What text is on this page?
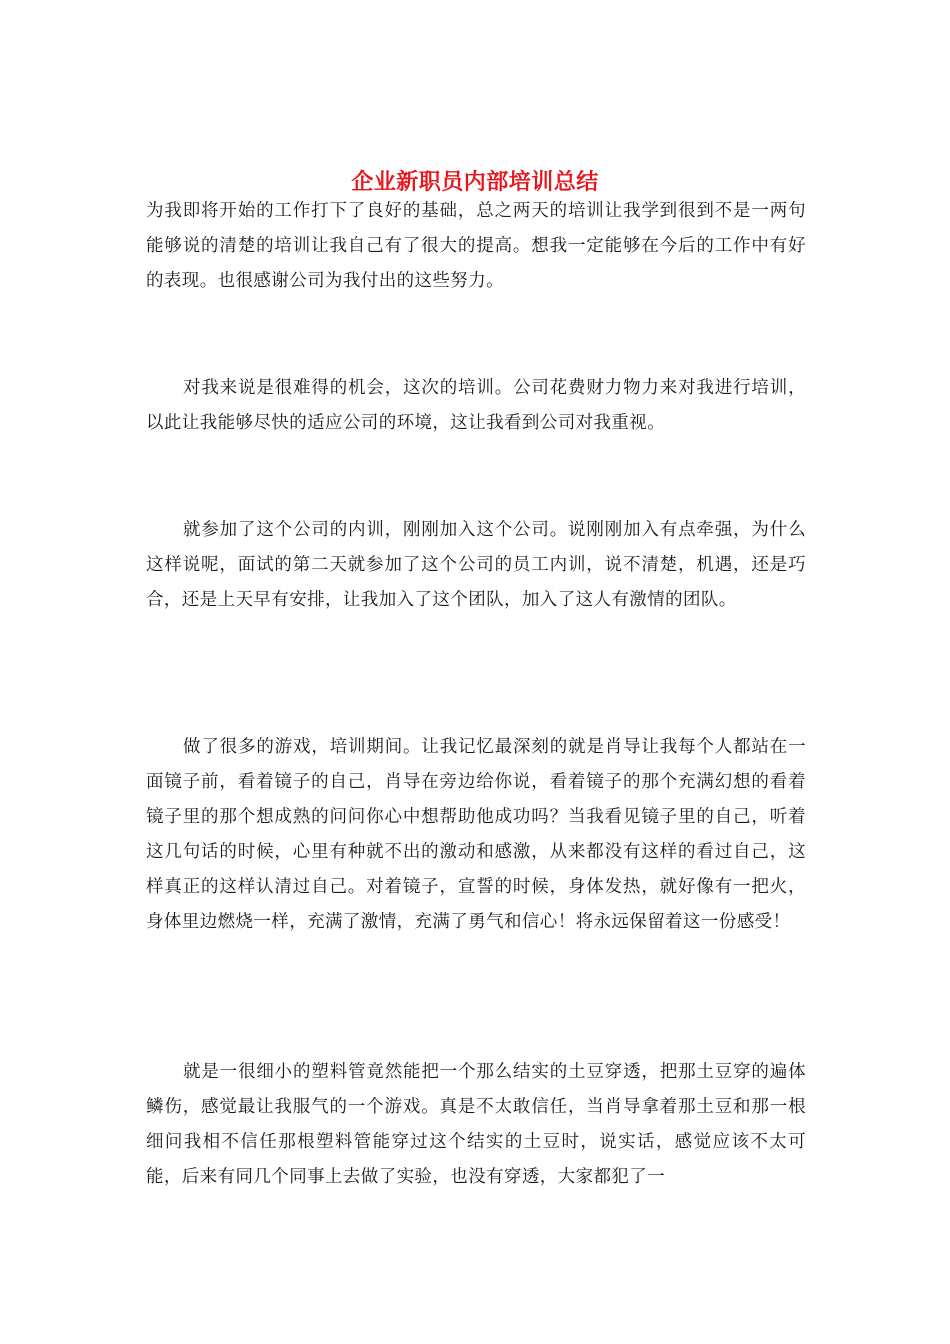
企业新职员内部培训总结

为我即将开始的工作打下了良好的基础，总之两天的培训让我学到很到不是一两句能够说的清楚的培训让我自己有了很大的提高。想我一定能够在今后的工作中有好的表现。也很感谢公司为我付出的这些努力。

对我来说是很难得的机会，这次的培训。公司花费财力物力来对我进行培训，以此让我能够尽快的适应公司的环境，这让我看到公司对我重视。

就参加了这个公司的内训，刚刚加入这个公司。说刚刚加入有点牵强，为什么这样说呢，面试的第二天就参加了这个公司的员工内训，说不清楚，机遇，还是巧合，还是上天早有安排，让我加入了这个团队，加入了这人有激情的团队。

做了很多的游戏，培训期间。让我记忆最深刻的就是肖导让我每个人都站在一面镜子前，看着镜子的自己，肖导在旁边给你说，看着镜子的那个充满幻想的看着镜子里的那个想成熟的问问你心中想帮助他成功吗？当我看见镜子里的自己，听着这几句话的时候，心里有种就不出的激动和感激，从来都没有这样的看过自己，这样真正的这样认清过自己。对着镜子，宣誓的时候，身体发热，就好像有一把火，身体里边燃烧一样，充满了激情，充满了勇气和信心！将永远保留着这一份感受！

就是一很细小的塑料管竟然能把一个那么结实的土豆穿透，把那土豆穿的遍体鳞伤，感觉最让我服气的一个游戏。真是不太敢信任，当肖导拿着那土豆和那一根细问我相不信任那根塑料管能穿过这个结实的土豆时，说实话，感觉应该不太可能，后来有同几个同事上去做了实验，也没有穿透，大家都犯了一
